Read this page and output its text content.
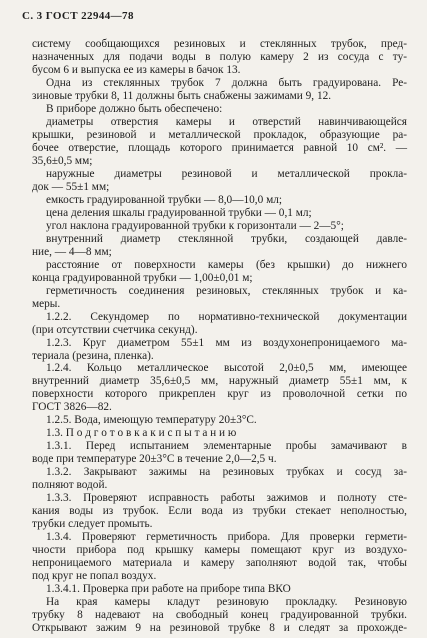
С. 3 ГОСТ 22944—78
систему сообщающихся резиновых и стеклянных трубок, пред-
назначенных для подачи воды в полую камеру 2 из сосуда с ту-
бусом 6 и выпуска ее из камеры в бачок 13.
Одна из стеклянных трубок 7 должна быть градуирована. Ре-
зиновые трубки 8, 11 должны быть снабжены зажимами 9, 12.
В приборе должно быть обеспечено:
диаметры отверстия камеры и отверстий навинчивающейся
крышки, резиновой и металлической прокладок, образующие ра-
бочее отверстие, площадь которого принимается равной 10 см². —
35,6±0,5 мм;
наружные диаметры резиновой и металлической прокла-
док — 55±1 мм;
емкость градуированной трубки — 8,0—10,0 мл;
цена деления шкалы градуированной трубки — 0,1 мл;
угол наклона градуированной трубки к горизонтали — 2—5°;
внутренний диаметр стеклянной трубки, создающей давле-
ние, — 4—8 мм;
расстояние от поверхности камеры (без крышки) до нижнего
конца градуированной трубки — 1,00±0,01 м;
герметичность соединения резиновых, стеклянных трубок и ка-
меры.
1.2.2. Секундомер по нормативно-технической документации
(при отсутствии счетчика секунд).
1.2.3. Круг диаметром 55±1 мм из воздухонепроницаемого ма-
териала (резина, пленка).
1.2.4. Кольцо металлическое высотой 2,0±0,5 мм, имеющее
внутренний диаметр 35,6±0,5 мм, наружный диаметр 55±1 мм, к
поверхности которого прикреплен круг из проволочной сетки по
ГОСТ 3826—82.
1.2.5. Вода, имеющую температуру 20±3°С.
1.3. П о д г о т о в к а к и с п ы т а н и ю
1.3.1. Перед испытанием элементарные пробы замачивают в
воде при температуре 20±3°С в течение 2,0—2,5 ч.
1.3.2. Закрывают зажимы на резиновых трубках и сосуд за-
полняют водой.
1.3.3. Проверяют исправность работы зажимов и полноту сте-
кания воды из трубок. Если вода из трубки стекает неполностью,
трубки следует промыть.
1.3.4. Проверяют герметичность прибора. Для проверки гермети-
чности прибора под крышку камеры помещают круг из воздухо-
непроницаемого материала и камеру заполняют водой так, чтобы
под круг не попал воздух.
1.3.4.1. Проверка при работе на приборе типа ВКО
На края камеры кладут резиновую прокладку. Резиновую
трубку 8 надевают на свободный конец градуированной трубки.
Открывают зажим 9 на резиновой трубке 8 и следят за прохожде-
